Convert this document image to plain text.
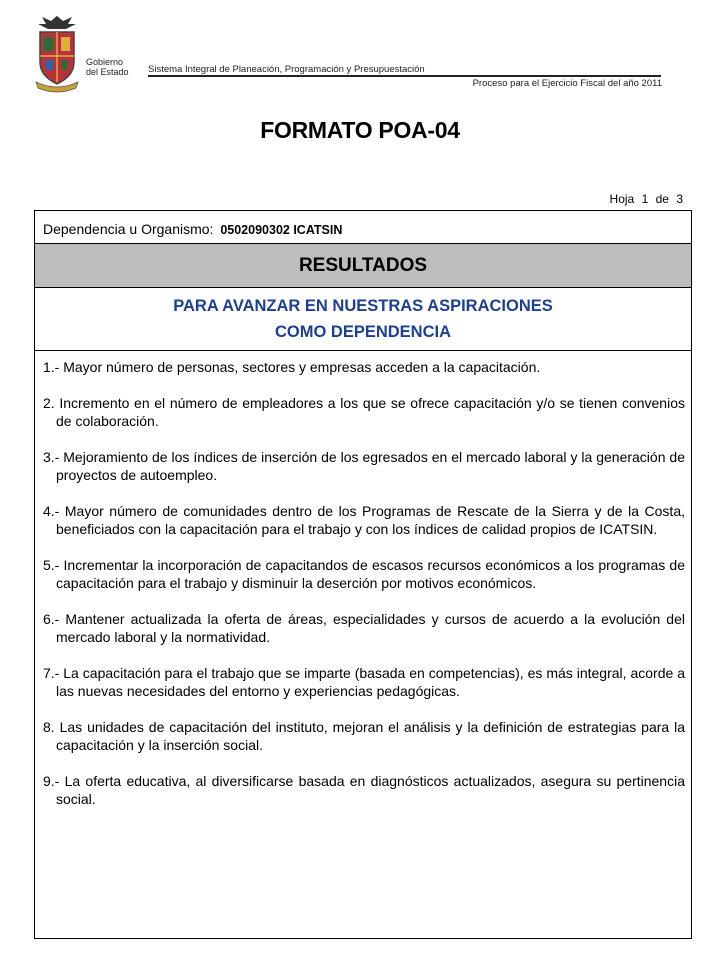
Gobierno
del Estado Sistema Integral de Planeación, Programación y Presupuestación
Proceso para el Ejercicio Fiscal del año 2011
FORMATO POA-04
Hoja 1 de 3
Dependencia u Organismo: 0502090302 ICATSIN
RESULTADOS
PARA AVANZAR EN NUESTRAS ASPIRACIONES
COMO DEPENDENCIA
1.- Mayor número de personas, sectores y empresas acceden a la capacitación.
2. Incremento en el número de empleadores a los que se ofrece capacitación y/o se tienen convenios de colaboración.
3.- Mejoramiento de los índices de inserción de los egresados en el mercado laboral y la generación de proyectos de autoempleo.
4.- Mayor número de comunidades dentro de los Programas de Rescate de la Sierra y de la Costa, beneficiados con la capacitación para el trabajo y con los índices de calidad propios de ICATSIN.
5.- Incrementar la incorporación de capacitandos de escasos recursos económicos a los programas de capacitación para el trabajo y disminuir la deserción por motivos económicos.
6.- Mantener actualizada la oferta de áreas, especialidades y cursos de acuerdo a la evolución del mercado laboral y la normatividad.
7.- La capacitación para el trabajo que se imparte (basada en competencias), es más integral, acorde a las nuevas necesidades del entorno y experiencias pedagógicas.
8. Las unidades de capacitación del instituto, mejoran el análisis y la definición de estrategias para la capacitación y la inserción social.
9.- La oferta educativa, al diversificarse basada en diagnósticos actualizados, asegura su pertinencia social.
